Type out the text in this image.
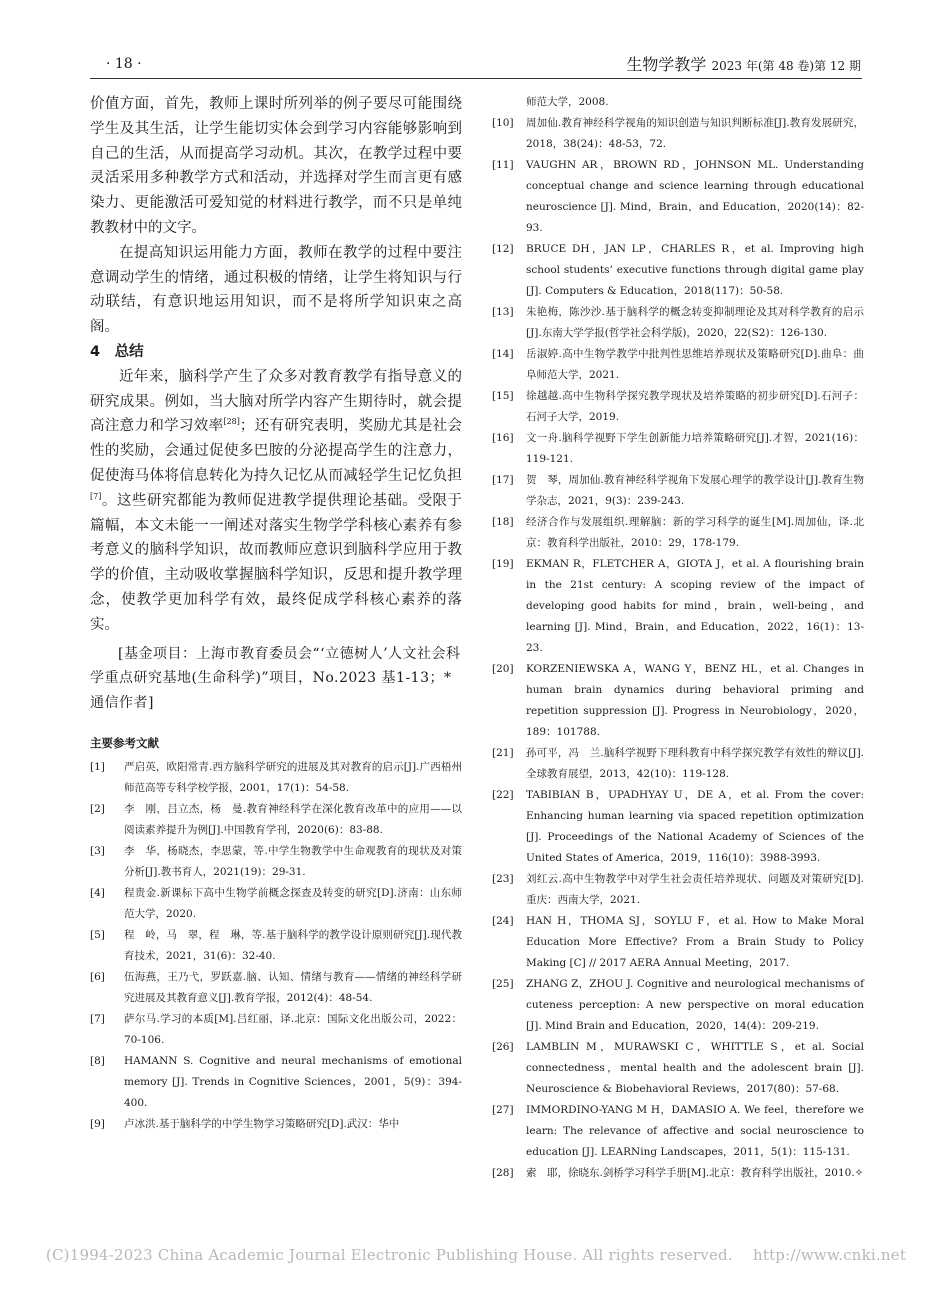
· 18 ·	生物学教学 2023 年(第 48 卷)第 12 期

价值方面，首先，教师上课时所列举的例子要尽可能围绕学生及其生活，让学生能切实体会到学习内容能够影响到自己的生活，从而提高学习动机。其次，在教学过程中要灵活采用多种教学方式和活动，并选择对学生而言更有感染力、更能激活可爱知觉的材料进行教学，而不只是单纯教教材中的文字。

在提高知识运用能力方面，教师在教学的过程中要注意调动学生的情绪，通过积极的情绪，让学生将知识与行动联结，有意识地运用知识，而不是将所学知识束之高阁。

4　总结

近年来，脑科学产生了众多对教育教学有指导意义的研究成果。例如，当大脑对所学内容产生期待时，就会提高注意力和学习效率[28]；还有研究表明，奖励尤其是社会性的奖励，会通过促使多巴胺的分泌提高学生的注意力，促使海马体将信息转化为持久记忆从而减轻学生记忆负担[7]。这些研究都能为教师促进教学提供理论基础。受限于篇幅，本文未能一一阐述对落实生物学学科核心素养有参考意义的脑科学知识，故而教师应意识到脑科学应用于教学的价值，主动吸收掌握脑科学知识，反思和提升教学理念，使教学更加科学有效，最终促成学科核心素养的落实。

[基金项目：上海市教育委员会“‘立德树人’人文社会科学重点研究基地(生命科学)”项目，No.2023 基1-13；* 通信作者]

主要参考文献
[1]	严启英，欧阳常青.西方脑科学研究的进展及其对教育的启示[J].广西梧州师范高等专科学校学报，2001，17(1)：54-58.
[2]	李　刚，吕立杰，杨　曼.教育神经科学在深化教育改革中的应用——以阅读素养提升为例[J].中国教育学刊，2020(6)：83-88.
[3]	李　华，杨晓杰，李思蒙，等.中学生物教学中生命观教育的现状及对策分析[J].教书育人，2021(19)：29-31.
[4]	程贵金.新课标下高中生物学前概念探查及转变的研究[D].济南：山东师范大学，2020.
[5]	程　岭，马　翠，程　琳，等.基于脑科学的教学设计原则研究[J].现代教育技术，2021，31(6)：32-40.
[6]	伍海燕，王乃弋，罗跃嘉.脑、认知、情绪与教育——情绪的神经科学研究进展及其教育意义[J].教育学报，2012(4)：48-54.
[7]	萨尔马.学习的本质[M].吕红丽，译.北京：国际文化出版公司，2022：70-106.
[8]	HAMANN S. Cognitive and neural mechanisms of emotional memory [J]. Trends in Cognitive Sciences，2001，5(9)：394-400.
[9]	卢冰洪.基于脑科学的中学生物学习策略研究[D].武汉：华中
师范大学，2008.
[10]	周加仙.教育神经科学视角的知识创造与知识判断标准[J].教育发展研究，2018，38(24)：48-53，72.
[11]	VAUGHN AR，BROWN RD，JOHNSON ML. Understanding conceptual change and science learning through educational neuroscience [J]. Mind，Brain，and Education，2020(14)：82-93.
[12]	BRUCE DH，JAN LP，CHARLES R，et al. Improving high school students’ executive functions through digital game play [J]. Computers & Education，2018(117)：50-58.
[13]	朱艳梅，陈沙沙.基于脑科学的概念转变抑制理论及其对科学教育的启示[J].东南大学学报(哲学社会科学版)，2020，22(S2)：126-130.
[14]	岳淑婷.高中生物学教学中批判性思维培养现状及策略研究[D].曲阜：曲阜师范大学，2021.
[15]	徐越越.高中生物科学探究教学现状及培养策略的初步研究[D].石河子：石河子大学，2019.
[16]	文一舟.脑科学视野下学生创新能力培养策略研究[J].才智，2021(16)：119-121.
[17]	贺　琴，周加仙.教育神经科学视角下发展心理学的教学设计[J].教育生物学杂志，2021，9(3)：239-243.
[18]	经济合作与发展组织.理解脑：新的学习科学的诞生[M].周加仙，译.北京：教育科学出版社，2010：29，178-179.
[19]	EKMAN R，FLETCHER A，GIOTA J，et al. A flourishing brain in the 21st century: A scoping review of the impact of developing good habits for mind，brain，well-being，and learning [J]. Mind，Brain，and Education，2022，16(1)：13-23.
[20]	KORZENIEWSKA A，WANG Y，BENZ HL，et al. Changes in human brain dynamics during behavioral priming and repetition suppression [J]. Progress in Neurobiology，2020，189：101788.
[21]	孙可平，冯　兰.脑科学视野下理科教育中科学探究教学有效性的辩议[J].全球教育展望，2013，42(10)：119-128.
[22]	TABIBIAN B，UPADHYAY U，DE A，et al. From the cover: Enhancing human learning via spaced repetition optimization [J]. Proceedings of the National Academy of Sciences of the United States of America，2019，116(10)：3988-3993.
[23]	刘红云.高中生物教学中对学生社会责任培养现状、问题及对策研究[D].重庆：西南大学，2021.
[24]	HAN H，THOMA SJ，SOYLU F，et al. How to Make Moral Education More Effective? From a Brain Study to Policy Making [C] // 2017 AERA Annual Meeting，2017.
[25]	ZHANG Z，ZHOU J. Cognitive and neurological mechanisms of cuteness perception: A new perspective on moral education [J]. Mind Brain and Education，2020，14(4)：209-219.
[26]	LAMBLIN M，MURAWSKI C，WHITTLE S，et al. Social connectedness，mental health and the adolescent brain [J]. Neuroscience & Biobehavioral Reviews，2017(80)：57-68.
[27]	IMMORDINO-YANG M H，DAMASIO A. We feel，therefore we learn: The relevance of affective and social neuroscience to education [J]. LEARNing Landscapes，2011，5(1)：115-131.
[28]	索　耶，徐晓东.剑桥学习科学手册[M].北京：教育科学出版社，2010.✧
(C)1994-2023 China Academic Journal Electronic Publishing House. All rights reserved.　 http://www.cnki.net
